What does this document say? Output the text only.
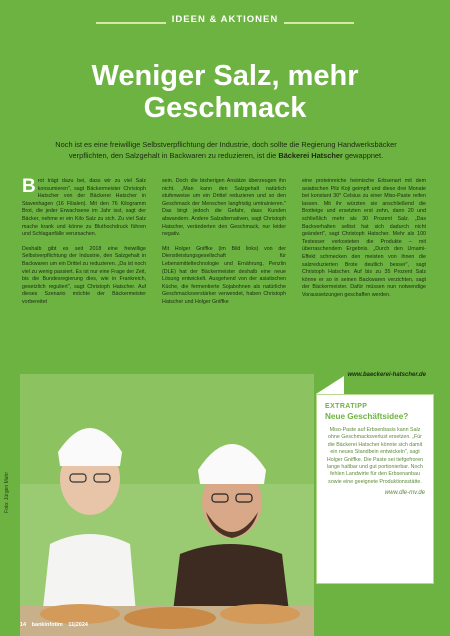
IDEEN & AKTIONEN
Weniger Salz, mehr
Geschmack
Noch ist es eine freiwillige Selbstverpflichtung der Industrie, doch sollte die Regierung Handwerksbäcker verpflichten, den Salzgehalt in Backwaren zu reduzieren, ist die Bäckerei Hatscher gewappnet.

Brot trägt dazu bei, dass wir zu viel Salz konsumieren", sagt Bäckermeister Christoph Hatscher von der Bäckerei Hatscher in Stavenhagen (16 Filialen). Mit den 76 Kilogramm Brot, die jeder Erwachsene im Jahr isst, sagt der Bäcker, nehme er ein Kilo Salz zu sich. Zu viel Salz mache krank und könne zu Bluthochdruck führen und Schlaganfälle verursachen.

Deshalb gibt es seit 2018 eine freiwillige Selbstverpflichtung der Industrie, den Salzgehalt in Backwaren um ein Drittel zu reduzieren. „Da ist noch viel zu wenig passiert. Es ist nur eine Frage der Zeit, bis die Bundesregierung dies, wie in Frankreich, gesetzlich reguliert", sagt Christoph Hatscher. Auf dieses Szenario möchte der Bäckermeister vorbereitet

sein. Doch die bisherigen Ansätze überzeugen ihn nicht. „Man kann den Salzgehalt natürlich stufenweise um ein Drittel reduzieren und so den Geschmack der Menschen langfristig umtrainieren." Das birgt jedoch die Gefahr, dass Kunden abwandern. Andere Salzalternativen, sagt Christoph Hatscher, veränderten den Geschmack, nur leider negativ.

Mit Holger Gniffke (im Bild links) von der Dienstleistungsgesellschaft für Lebensmitteltechnologie und Ernährung, Penzlin (DLE) hat der Bäckermeister deshalb eine neue Lösung entwickelt. Ausgehend von der asiatischen Küche, die fermentierte Sojabohnen als natürliche Geschmacksverstärker verwendet, haben Christoph Hatscher und Holger Gniffke

eine proteinreiche heimische Erbsenart mit dem asiatischen Pilz Koji geimpft und diese drei Monate bei konstant 30° Celsius zu einer Miso-Paste reifen lassen. Mit ihr würzten sie anschließend die Brotteige und ersetzten erst zehn, dann 20 und schließlich mehr als 30 Prozent Salz. „Das Backverhalten selbst hat sich dadurch nicht geändert", sagt Christoph Hatscher. Mehr als 100 Testesser verkosteten die Produkte – mit überraschendem Ergebnis. „Durch den Umami-Effekt schmecken den meisten von ihnen die salzreduzierten Brote deutlich besser", sagt Christoph Hatscher. Auf bis zu 35 Prozent Salz könne er so in seinen Backwaren verzichten, sagt der Bäckermeister. Dafür müssen nun notwendige Voraussetzungen geschaffen werden.

www.baeckerei-hatscher.de
Foto: Jürgen Mahr
EXTRATIPP
Neue Geschäftsidee?
Miso-Paste auf Erbsenbasis kann Salz ohne Geschmacksverlust ersetzen. „Für die Bäckerei Hatscher könnte sich damit ein neues Standbein entwickeln", sagt Holger Gniffke. Die Paste sei tiefgefroren lange haltbar und gut portionierbar. Noch fehlen Landwirte für den Erbsenanbau sowie eine geeignete Produktionsstätte.
www.dle-mv.de
14 bankinfotim 11|2024
